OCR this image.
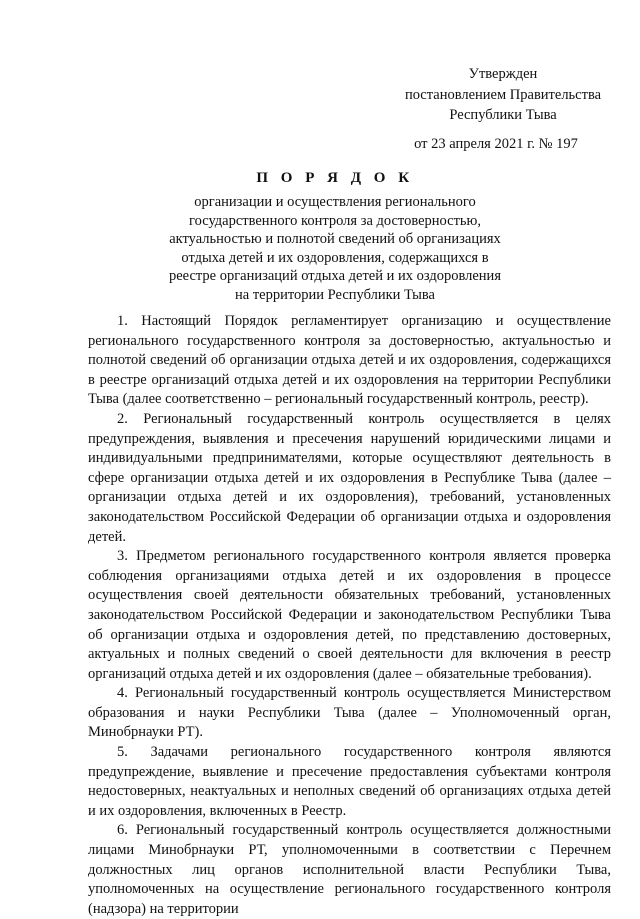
Утвержден
постановлением Правительства
Республики Тыва
от 23 апреля 2021 г. № 197
П О Р Я Д О К
организации и осуществления регионального
государственного контроля за достоверностью,
актуальностью и полнотой сведений об организациях
отдыха детей и их оздоровления, содержащихся в
реестре организаций отдыха детей и их оздоровления
на территории Республики Тыва

1. Настоящий Порядок регламентирует организацию и осуществление регионального государственного контроля за достоверностью, актуальностью и полнотой сведений об организации отдыха детей и их оздоровления, содержащихся в реестре организаций отдыха детей и их оздоровления на территории Республики Тыва (далее соответственно – региональный государственный контроль, реестр).

2. Региональный государственный контроль осуществляется в целях предупреждения, выявления и пресечения нарушений юридическими лицами и индивидуальными предпринимателями, которые осуществляют деятельность в сфере организации отдыха детей и их оздоровления в Республике Тыва (далее – организации отдыха детей и их оздоровления), требований, установленных законодательством Российской Федерации об организации отдыха и оздоровления детей.

3. Предметом регионального государственного контроля является проверка соблюдения организациями отдыха детей и их оздоровления в процессе осуществления своей деятельности обязательных требований, установленных законодательством Российской Федерации и законодательством Республики Тыва об организации отдыха и оздоровления детей, по представлению достоверных, актуальных и полных сведений о своей деятельности для включения в реестр организаций отдыха детей и их оздоровления (далее – обязательные требования).

4. Региональный государственный контроль осуществляется Министерством образования и науки Республики Тыва (далее – Уполномоченный орган, Минобрнауки РТ).

5. Задачами регионального государственного контроля являются предупреждение, выявление и пресечение предоставления субъектами контроля недостоверных, неактуальных и неполных сведений об организациях отдыха детей и их оздоровления, включенных в Реестр.

6. Региональный государственный контроль осуществляется должностными лицами Минобрнауки РТ, уполномоченными в соответствии с Перечнем должностных лиц органов исполнительной власти Республики Тыва, уполномоченных на осуществление регионального государственного контроля (надзора) на территории
